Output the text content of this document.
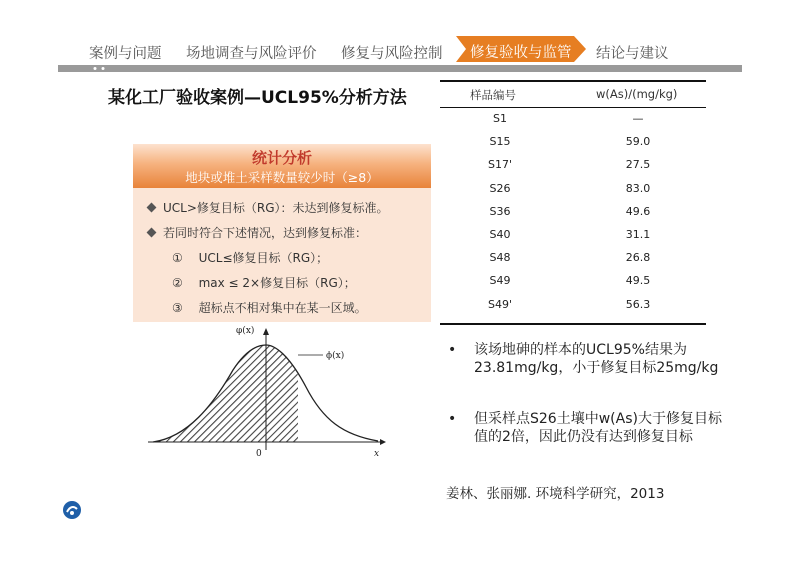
案例与问题 场地调查与风险评价 修复与风险控制 修复验收与监管 结论与建议
某化工厂验收案例—UCL95%分析方法
统计分析
地块或堆土采样数量较少时（≥8）
UCL>修复目标（RG）：未达到修复标准。
若同时符合下述情况，达到修复标准：
① UCL≤修复目标（RG）；
② max ≤ 2×修复目标（RG）；
③ 超标点不相对集中在某一区域。
φ(x)
ϕ(x)
0	x
样品编号	w(As)/(mg/kg)
S1	—
S15	59.0
S17'	27.5
S26	83.0
S36	49.6
S40	31.1
S48	26.8
S49	49.5
S49'	56.3
• 该场地砷的样本的UCL95%结果为23.81mg/kg，小于修复目标25mg/kg
• 但采样点S26土壤中w(As)大于修复目标值的2倍，因此仍没有达到修复目标
姜林、张丽娜. 环境科学研究，2013
